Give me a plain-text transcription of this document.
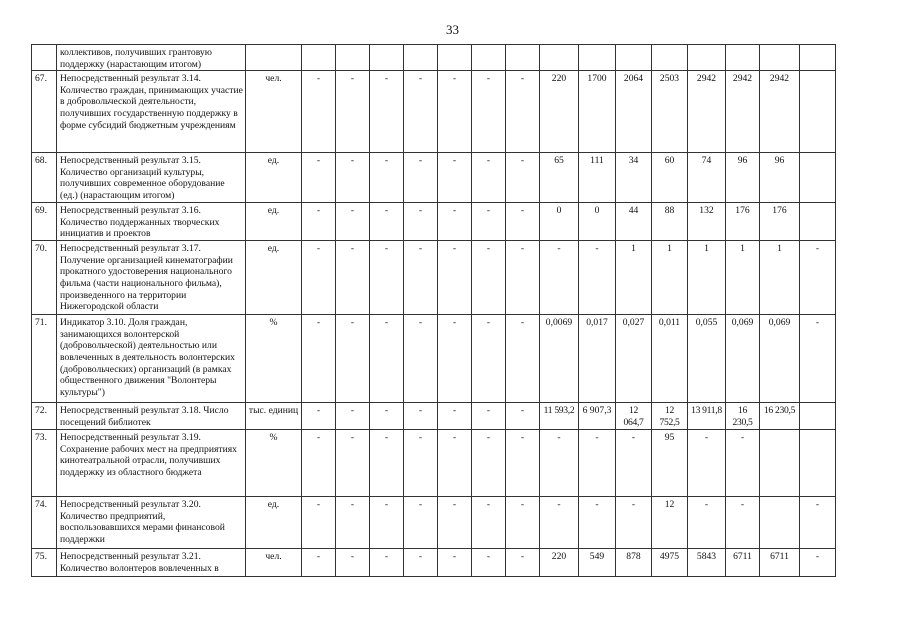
33
	коллективов, получивших грантовую поддержку (нарастающим итогом)																
67.	Непосредственный результат 3.14. Количество граждан, принимающих участие в добровольческой деятельности, получивших государственную поддержку в форме субсидий бюджетным учреждениям	чел.	-	-	-	-	-	-	-	220	1700	2064	2503	2942	2942	2942	
68.	Непосредственный результат 3.15. Количество организаций культуры, получивших современное оборудование (ед.) (нарастающим итогом)	ед.	-	-	-	-	-	-	-	65	111	34	60	74	96	96	
69.	Непосредственный результат 3.16. Количество поддержанных творческих инициатив и проектов	ед.	-	-	-	-	-	-	-	0	0	44	88	132	176	176	
70.	Непосредственный результат 3.17. Получение организацией кинематографии прокатного удостоверения национального фильма (части национального фильма), произведенного на территории Нижегородской области	ед.	-	-	-	-	-	-	-	-	-	1	1	1	1	1	-
71.	Индикатор 3.10. Доля граждан, занимающихся волонтерской (добровольческой) деятельностью или вовлеченных в деятельность волонтерских (добровольческих) организаций (в рамках общественного движения "Волонтеры культуры")	%	-	-	-	-	-	-	-	0,0069	0,017	0,027	0,011	0,055	0,069	0,069	-
72.	Непосредственный результат 3.18. Число посещений библиотек	тыс. единиц	-	-	-	-	-	-	-	11 593,2	6 907,3	12 064,7	12 752,5	13 911,8	16 230,5	16 230,5	
73.	Непосредственный результат 3.19. Сохранение рабочих мест на предприятиях кинотеатральной отрасли, получивших поддержку из областного бюджета	%	-	-	-	-	-	-	-	-	-	-	95	-	-		
74.	Непосредственный результат 3.20. Количество предприятий, воспользовавшихся мерами финансовой поддержки	ед.	-	-	-	-	-	-	-	-	-	-	12	-	-		-
75.	Непосредственный результат 3.21. Количество волонтеров вовлеченных в	чел.	-	-	-	-	-	-	-	220	549	878	4975	5843	6711	6711	-
